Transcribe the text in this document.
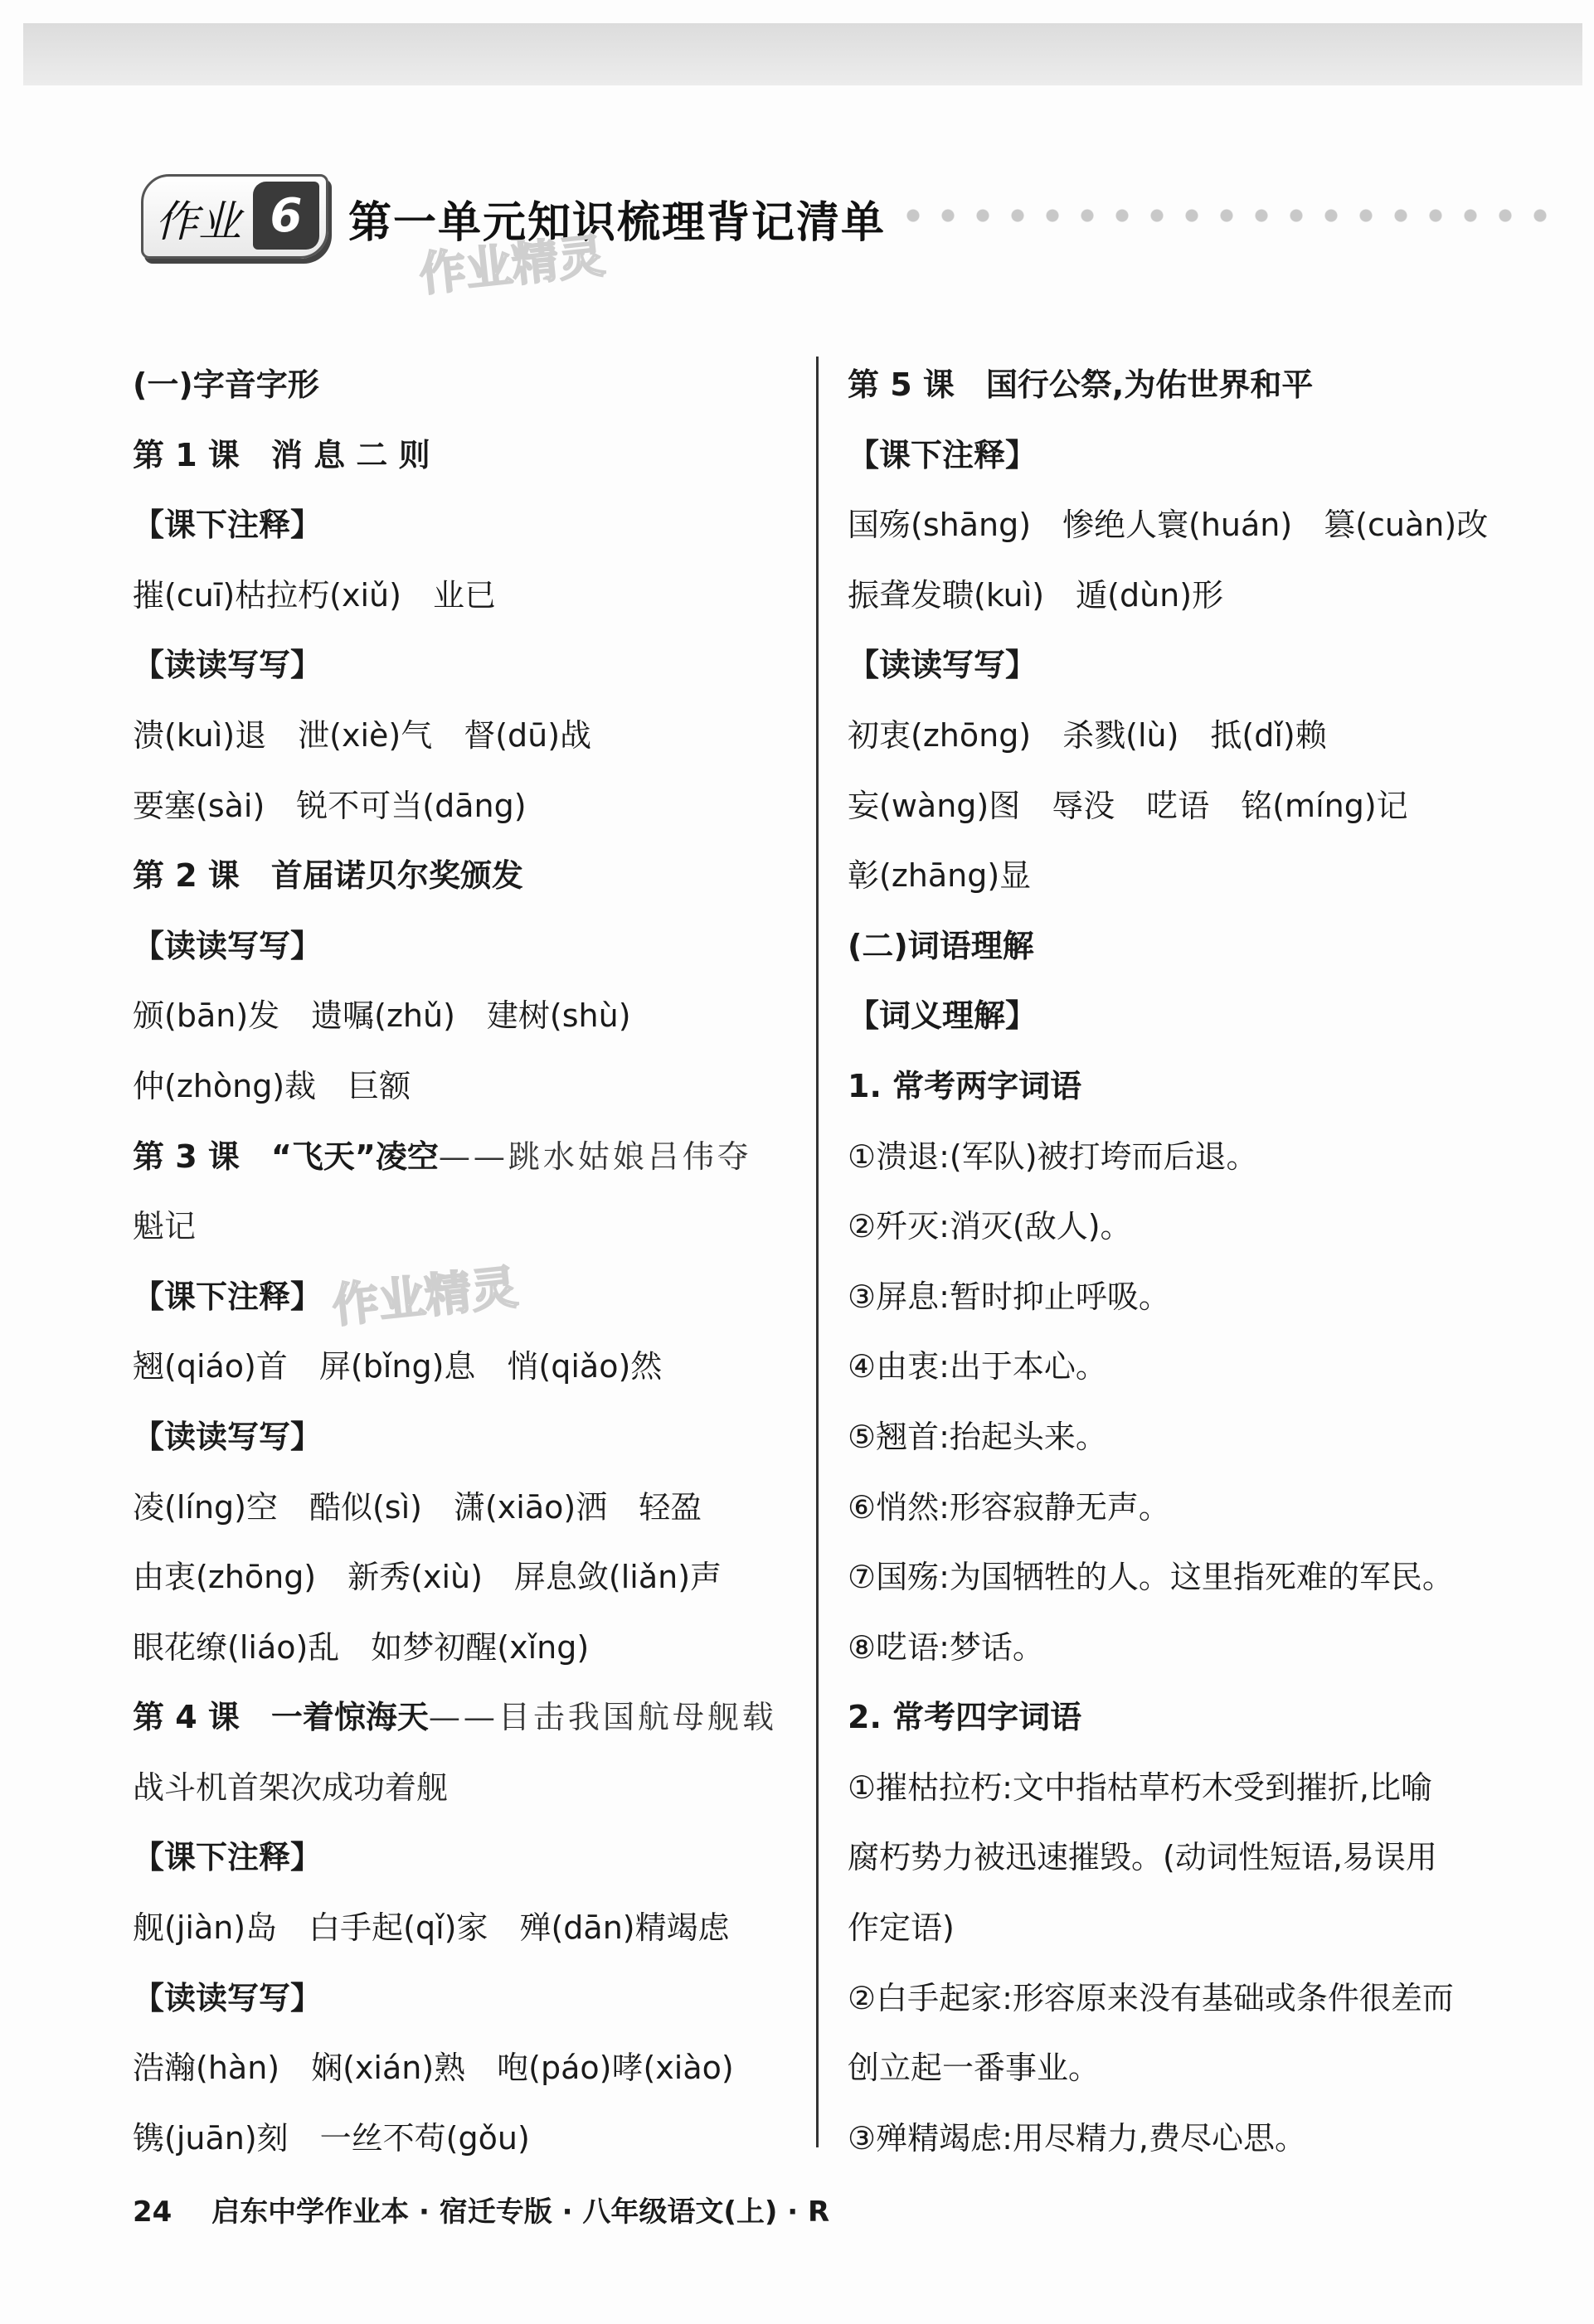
作业 6	第一单元知识梳理背记清单
作业精灵
作业精灵
(一)字音字形
第 1 课　消 息 二 则
【课下注释】
摧(cuī)枯拉朽(xiǔ)　业已
【读读写写】
溃(kuì)退　泄(xiè)气　督(dū)战
要塞(sài)　锐不可当(dāng)
第 2 课　首届诺贝尔奖颁发
【读读写写】
颁(bān)发　遗嘱(zhǔ)　建树(shù)
仲(zhòng)裁　巨额
第 3 课　“飞天”凌空——跳水姑娘吕伟夺
魁记
【课下注释】
翘(qiáo)首　屏(bǐng)息　悄(qiǎo)然
【读读写写】
凌(líng)空　酷似(sì)　潇(xiāo)洒　轻盈
由衷(zhōng)　新秀(xiù)　屏息敛(liǎn)声
眼花缭(liáo)乱　如梦初醒(xǐng)
第 4 课　一着惊海天——目击我国航母舰载
战斗机首架次成功着舰
【课下注释】
舰(jiàn)岛　白手起(qǐ)家　殚(dān)精竭虑
【读读写写】
浩瀚(hàn)　娴(xián)熟　咆(páo)哮(xiào)
镌(juān)刻　一丝不苟(gǒu)
第 5 课　国行公祭,为佑世界和平
【课下注释】
国殇(shāng)　惨绝人寰(huán)　篡(cuàn)改
振聋发聩(kuì)　遁(dùn)形
【读读写写】
初衷(zhōng)　杀戮(lù)　抵(dǐ)赖
妄(wàng)图　辱没　呓语　铭(míng)记
彰(zhāng)显
(二)词语理解
【词义理解】
1. 常考两字词语
①溃退:(军队)被打垮而后退。
②歼灭:消灭(敌人)。
③屏息:暂时抑止呼吸。
④由衷:出于本心。
⑤翘首:抬起头来。
⑥悄然:形容寂静无声。
⑦国殇:为国牺牲的人。这里指死难的军民。
⑧呓语:梦话。
2. 常考四字词语
①摧枯拉朽:文中指枯草朽木受到摧折,比喻
腐朽势力被迅速摧毁。(动词性短语,易误用
作定语)
②白手起家:形容原来没有基础或条件很差而
创立起一番事业。
③殚精竭虑:用尽精力,费尽心思。
24 启东中学作业本 · 宿迁专版 · 八年级语文(上) · R
